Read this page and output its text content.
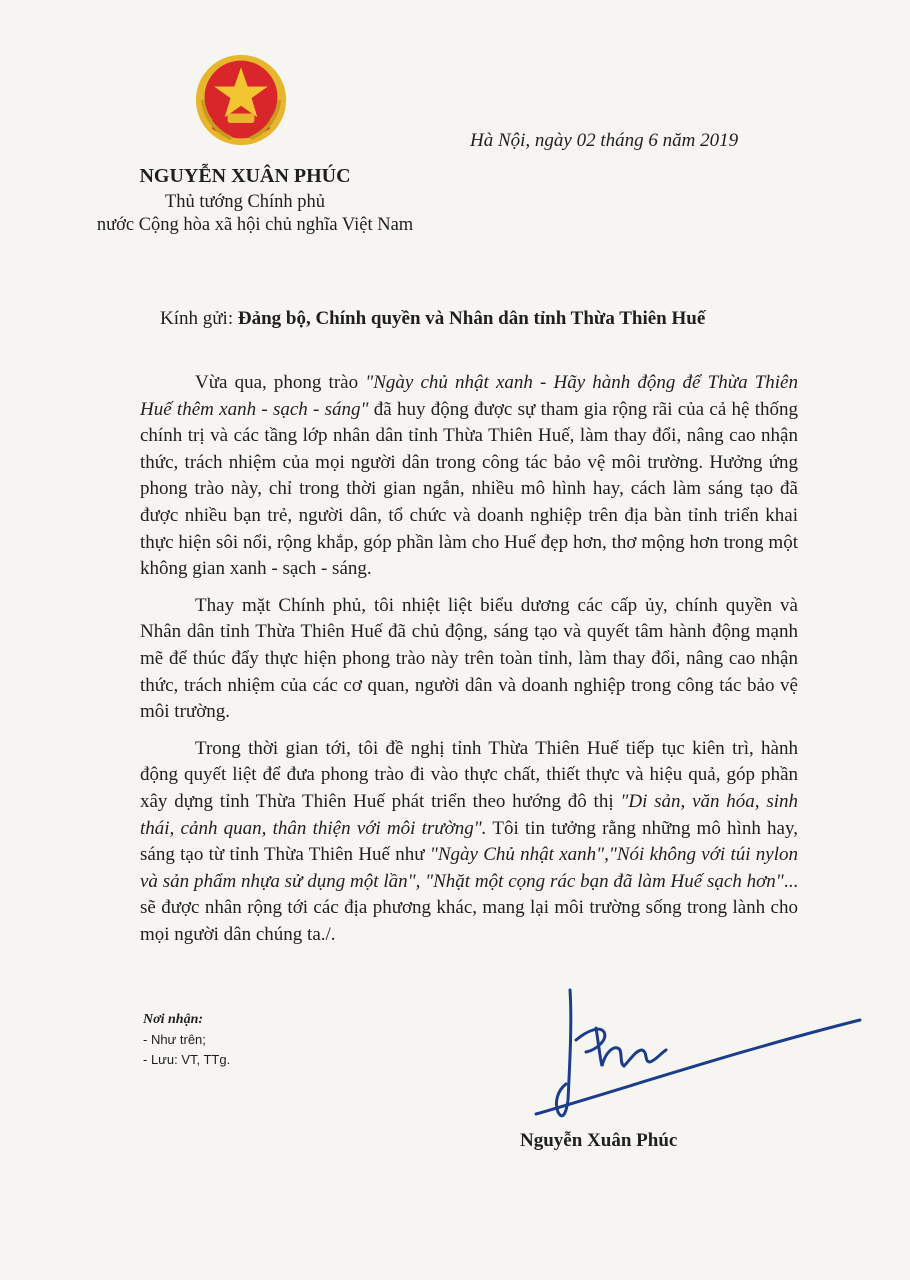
Hà Nội, ngày 02 tháng 6 năm 2019
NGUYỄN XUÂN PHÚC
Thủ tướng Chính phủ
nước Cộng hòa xã hội chủ nghĩa Việt Nam
Kính gửi: Đảng bộ, Chính quyền và Nhân dân tỉnh Thừa Thiên Huế

Vừa qua, phong trào "Ngày chủ nhật xanh - Hãy hành động để Thừa Thiên Huế thêm xanh - sạch - sáng" đã huy động được sự tham gia rộng rãi của cả hệ thống chính trị và các tầng lớp nhân dân tỉnh Thừa Thiên Huế, làm thay đổi, nâng cao nhận thức, trách nhiệm của mọi người dân trong công tác bảo vệ môi trường. Hưởng ứng phong trào này, chỉ trong thời gian ngắn, nhiều mô hình hay, cách làm sáng tạo đã được nhiều bạn trẻ, người dân, tổ chức và doanh nghiệp trên địa bàn tỉnh triển khai thực hiện sôi nổi, rộng khắp, góp phần làm cho Huế đẹp hơn, thơ mộng hơn trong một không gian xanh - sạch - sáng.

Thay mặt Chính phủ, tôi nhiệt liệt biểu dương các cấp ủy, chính quyền và Nhân dân tỉnh Thừa Thiên Huế đã chủ động, sáng tạo và quyết tâm hành động mạnh mẽ để thúc đẩy thực hiện phong trào này trên toàn tỉnh, làm thay đổi, nâng cao nhận thức, trách nhiệm của các cơ quan, người dân và doanh nghiệp trong công tác bảo vệ môi trường.

Trong thời gian tới, tôi đề nghị tỉnh Thừa Thiên Huế tiếp tục kiên trì, hành động quyết liệt để đưa phong trào đi vào thực chất, thiết thực và hiệu quả, góp phần xây dựng tỉnh Thừa Thiên Huế phát triển theo hướng đô thị "Di sản, văn hóa, sinh thái, cảnh quan, thân thiện với môi trường". Tôi tin tưởng rằng những mô hình hay, sáng tạo từ tỉnh Thừa Thiên Huế như "Ngày Chủ nhật xanh","Nói không với túi nylon và sản phẩm nhựa sử dụng một lần", "Nhặt một cọng rác bạn đã làm Huế sạch hơn"... sẽ được nhân rộng tới các địa phương khác, mang lại môi trường sống trong lành cho mọi người dân chúng ta./.

Nơi nhận:
- Như trên;
- Lưu: VT, TTg.
Nguyễn Xuân Phúc
